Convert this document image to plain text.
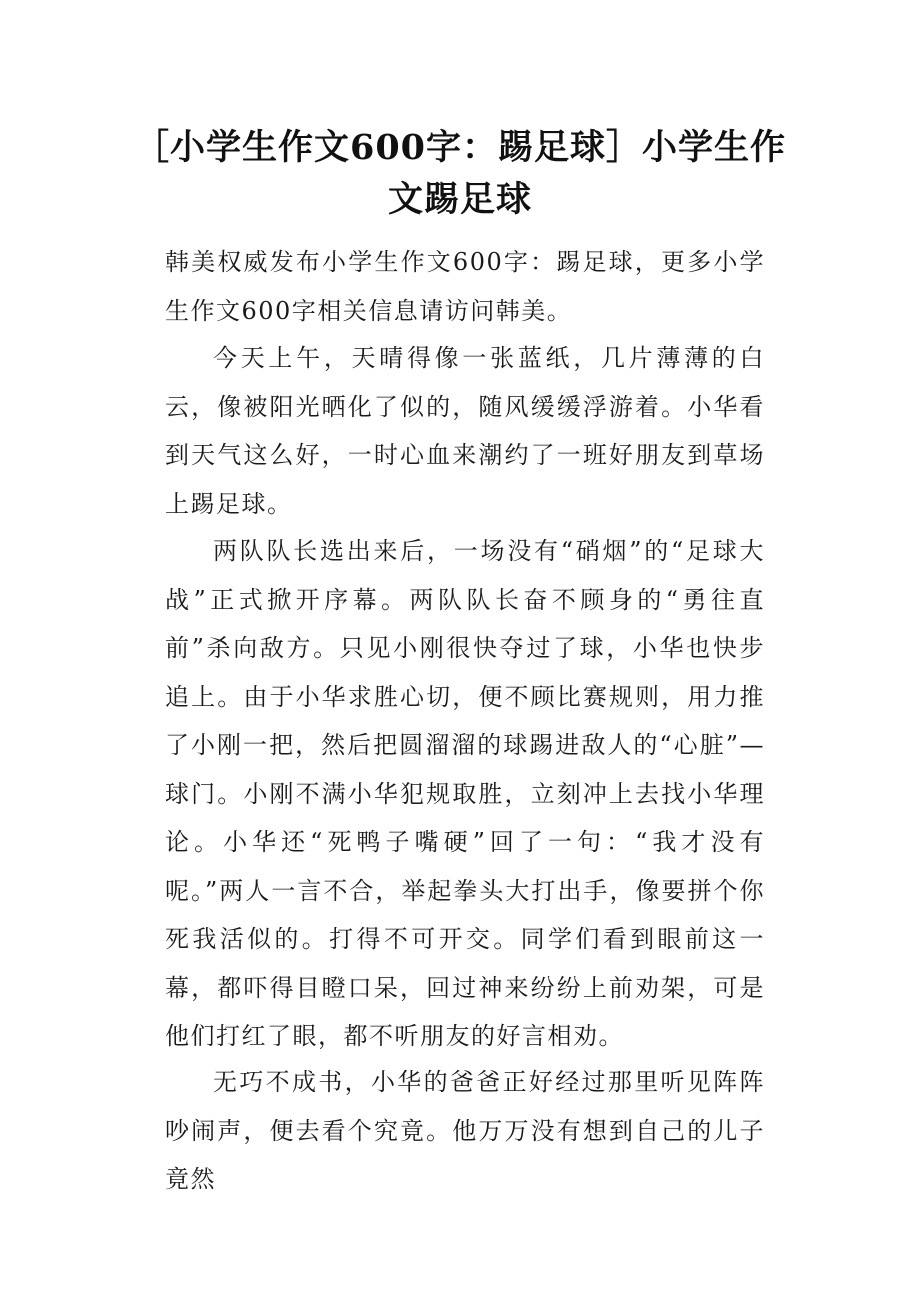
［小学生作文600字：踢足球］小学生作文踢足球

韩美权威发布小学生作文600字：踢足球，更多小学生作文600字相关信息请访问韩美。

今天上午，天晴得像一张蓝纸，几片薄薄的白云，像被阳光晒化了似的，随风缓缓浮游着。小华看到天气这么好，一时心血来潮约了一班好朋友到草场上踢足球。

两队队长选出来后，一场没有“硝烟”的“足球大战”正式掀开序幕。两队队长奋不顾身的“勇往直前”杀向敌方。只见小刚很快夺过了球，小华也快步追上。由于小华求胜心切，便不顾比赛规则，用力推了小刚一把，然后把圆溜溜的球踢进敌人的“心脏”—球门。小刚不满小华犯规取胜，立刻冲上去找小华理论。小华还“死鸭子嘴硬”回了一句：“我才没有呢。”两人一言不合，举起拳头大打出手，像要拼个你死我活似的。打得不可开交。同学们看到眼前这一幕，都吓得目瞪口呆，回过神来纷纷上前劝架，可是他们打红了眼，都不听朋友的好言相劝。

无巧不成书，小华的爸爸正好经过那里听见阵阵吵闹声，便去看个究竟。他万万没有想到自己的儿子竟然
